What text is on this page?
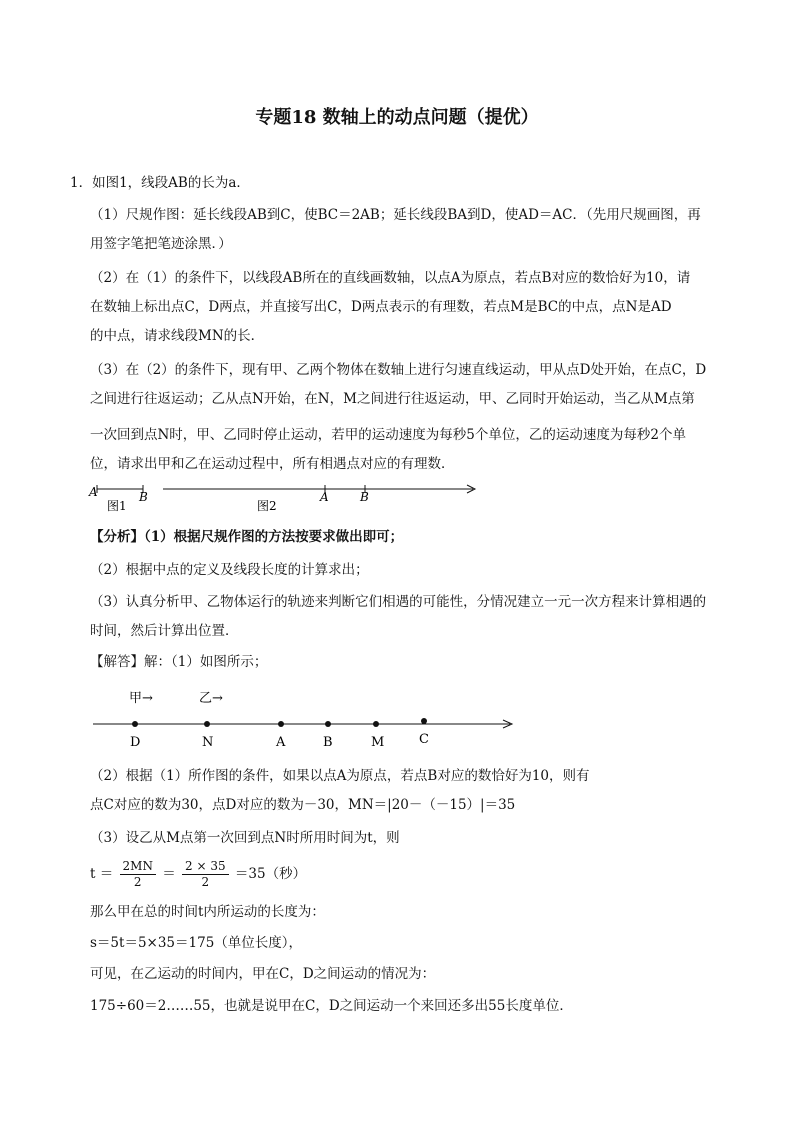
专题18 数轴上的动点问题（提优）
1．如图1，线段AB的长为a．
（1）尺规作图：延长线段AB到C，使BC＝2AB；延长线段BA到D，使AD＝AC．（先用尺规画图，再
用签字笔把笔迹涂黑．）
（2）在（1）的条件下，以线段AB所在的直线画数轴，以点A为原点，若点B对应的数恰好为10，请
在数轴上标出点C，D两点，并直接写出C，D两点表示的有理数，若点M是BC的中点，点N是AD
的中点，请求线段MN的长．
（3）在（2）的条件下，现有甲、乙两个物体在数轴上进行匀速直线运动，甲从点D处开始，在点C，D
之间进行往返运动；乙从点N开始，在N，M之间进行往返运动，甲、乙同时开始运动，当乙从M点第
一次回到点N时，甲、乙同时停止运动，若甲的运动速度为每秒5个单位，乙的运动速度为每秒2个单
位，请求出甲和乙在运动过程中，所有相遇点对应的有理数．
A	B
图1
A	B
图2
【分析】（1）根据尺规作图的方法按要求做出即可；
（2）根据中点的定义及线段长度的计算求出；
（3）认真分析甲、乙物体运行的轨迹来判断它们相遇的可能性，分情况建立一元一次方程来计算相遇的
时间，然后计算出位置．
【解答】解：（1）如图所示；
甲→	乙→
D	N	A	B	M	C
（2）根据（1）所作图的条件，如果以点A为原点，若点B对应的数恰好为10，则有
点C对应的数为30，点D对应的数为－30，MN＝|20－（－15）|＝35
（3）设乙从M点第一次回到点N时所用时间为t，则
$t = \frac{2MN}{2} = \frac{2 \times 35}{2} =35$（秒）
那么甲在总的时间t内所运动的长度为：
s＝5t＝5×35＝175（单位长度），
可见，在乙运动的时间内，甲在C，D之间运动的情况为：
175÷60＝2……55，也就是说甲在C，D之间运动一个来回还多出55长度单位．
